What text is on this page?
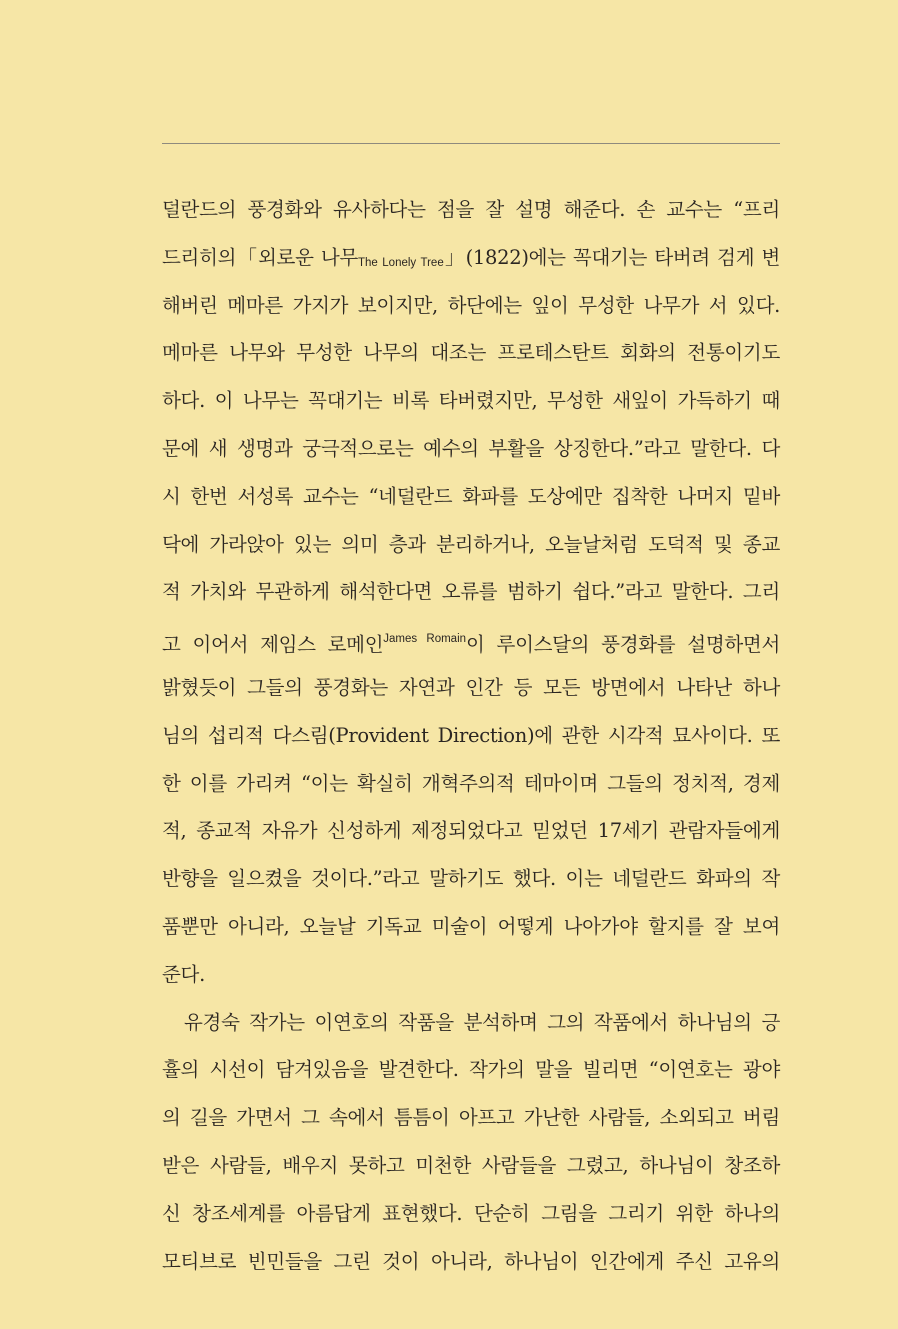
덜란드의 풍경화와 유사하다는 점을 잘 설명 해준다. 손 교수는 “프리
드리히의「외로운 나무The Lonely Tree」(1822)에는 꼭대기는 타버려 검게 변
해버린 메마른 가지가 보이지만, 하단에는 잎이 무성한 나무가 서 있다.
메마른 나무와 무성한 나무의 대조는 프로테스탄트 회화의 전통이기도
하다. 이 나무는 꼭대기는 비록 타버렸지만, 무성한 새잎이 가득하기 때
문에 새 생명과 궁극적으로는 예수의 부활을 상징한다.”라고 말한다. 다
시 한번 서성록 교수는 “네덜란드 화파를 도상에만 집착한 나머지 밑바
닥에 가라앉아 있는 의미 층과 분리하거나, 오늘날처럼 도덕적 및 종교
적 가치와 무관하게 해석한다면 오류를 범하기 쉽다.”라고 말한다. 그리
고 이어서 제임스 로메인$^{James Romain}$이 루이스달의 풍경화를 설명하면서
밝혔듯이 그들의 풍경화는 자연과 인간 등 모든 방면에서 나타난 하나
님의 섭리적 다스림(Provident Direction)에 관한 시각적 묘사이다. 또
한 이를 가리켜 “이는 확실히 개혁주의적 테마이며 그들의 정치적, 경제
적, 종교적 자유가 신성하게 제정되었다고 믿었던 17세기 관람자들에게
반향을 일으켰을 것이다.”라고 말하기도 했다. 이는 네덜란드 화파의 작
품뿐만 아니라, 오늘날 기독교 미술이 어떻게 나아가야 할지를 잘 보여
준다.
유경숙 작가는 이연호의 작품을 분석하며 그의 작품에서 하나님의 긍
휼의 시선이 담겨있음을 발견한다. 작가의 말을 빌리면 “이연호는 광야
의 길을 가면서 그 속에서 틈틈이 아프고 가난한 사람들, 소외되고 버림
받은 사람들, 배우지 못하고 미천한 사람들을 그렸고, 하나님이 창조하
신 창조세계를 아름답게 표현했다. 단순히 그림을 그리기 위한 하나의
모티브로 빈민들을 그린 것이 아니라, 하나님이 인간에게 주신 고유의
